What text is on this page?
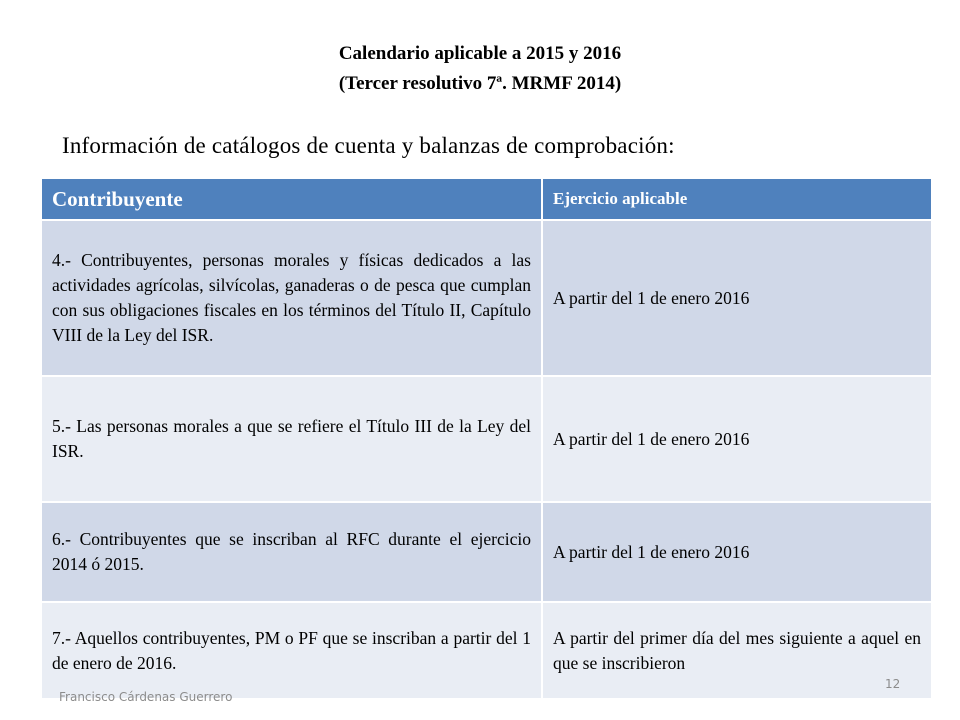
Calendario aplicable a 2015 y 2016
(Tercer resolutivo 7ª. MRMF 2014)
Información de catálogos de cuenta y balanzas de comprobación:
Contribuyente	Ejercicio aplicable
4.- Contribuyentes, personas morales y físicas dedicados a las actividades agrícolas, silvícolas, ganaderas o de pesca que cumplan con sus obligaciones fiscales en los términos del Título II, Capítulo VIII de la Ley del ISR.	A partir del 1 de enero 2016
5.- Las personas morales a que se refiere el Título III de la Ley del ISR.	A partir del 1 de enero 2016
6.- Contribuyentes que se inscriban al RFC durante el ejercicio 2014 ó 2015.	A partir del 1 de enero 2016
7.- Aquellos contribuyentes, PM o PF que se inscriban a partir del 1 de enero de 2016.	A partir del primer día del mes siguiente a aquel en que se inscribieron
Francisco Cárdenas Guerrero
12
